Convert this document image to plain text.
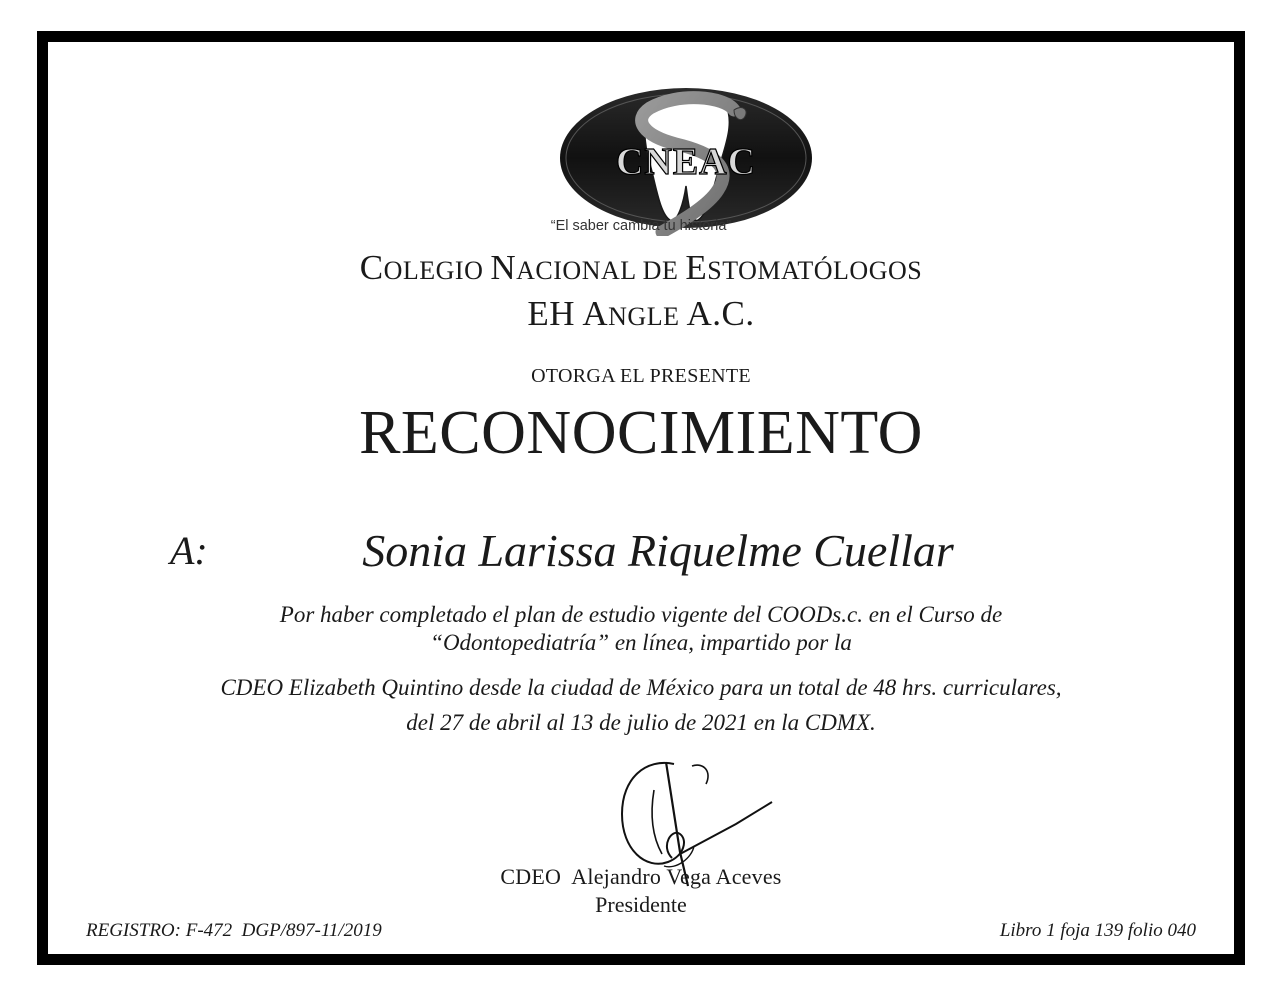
CNEAC
“El saber cambia tu historia”
COLEGIO NACIONAL DE ESTOMATÓLOGOS
EH ANGLE A.C.
OTORGA EL PRESENTE
RECONOCIMIENTO
A:	Sonia Larissa Riquelme Cuellar
Por haber completado el plan de estudio vigente del COODs.c. en el Curso de
“Odontopediatría” en línea, impartido por la
CDEO Elizabeth Quintino desde la ciudad de México para un total de 48 hrs. curriculares,
del 27 de abril al 13 de julio de 2021 en la CDMX.
CDEO  Alejandro Vega Aceves
Presidente
REGISTRO: F-472  DGP/897-11/2019	Libro 1 foja 139 folio 040
